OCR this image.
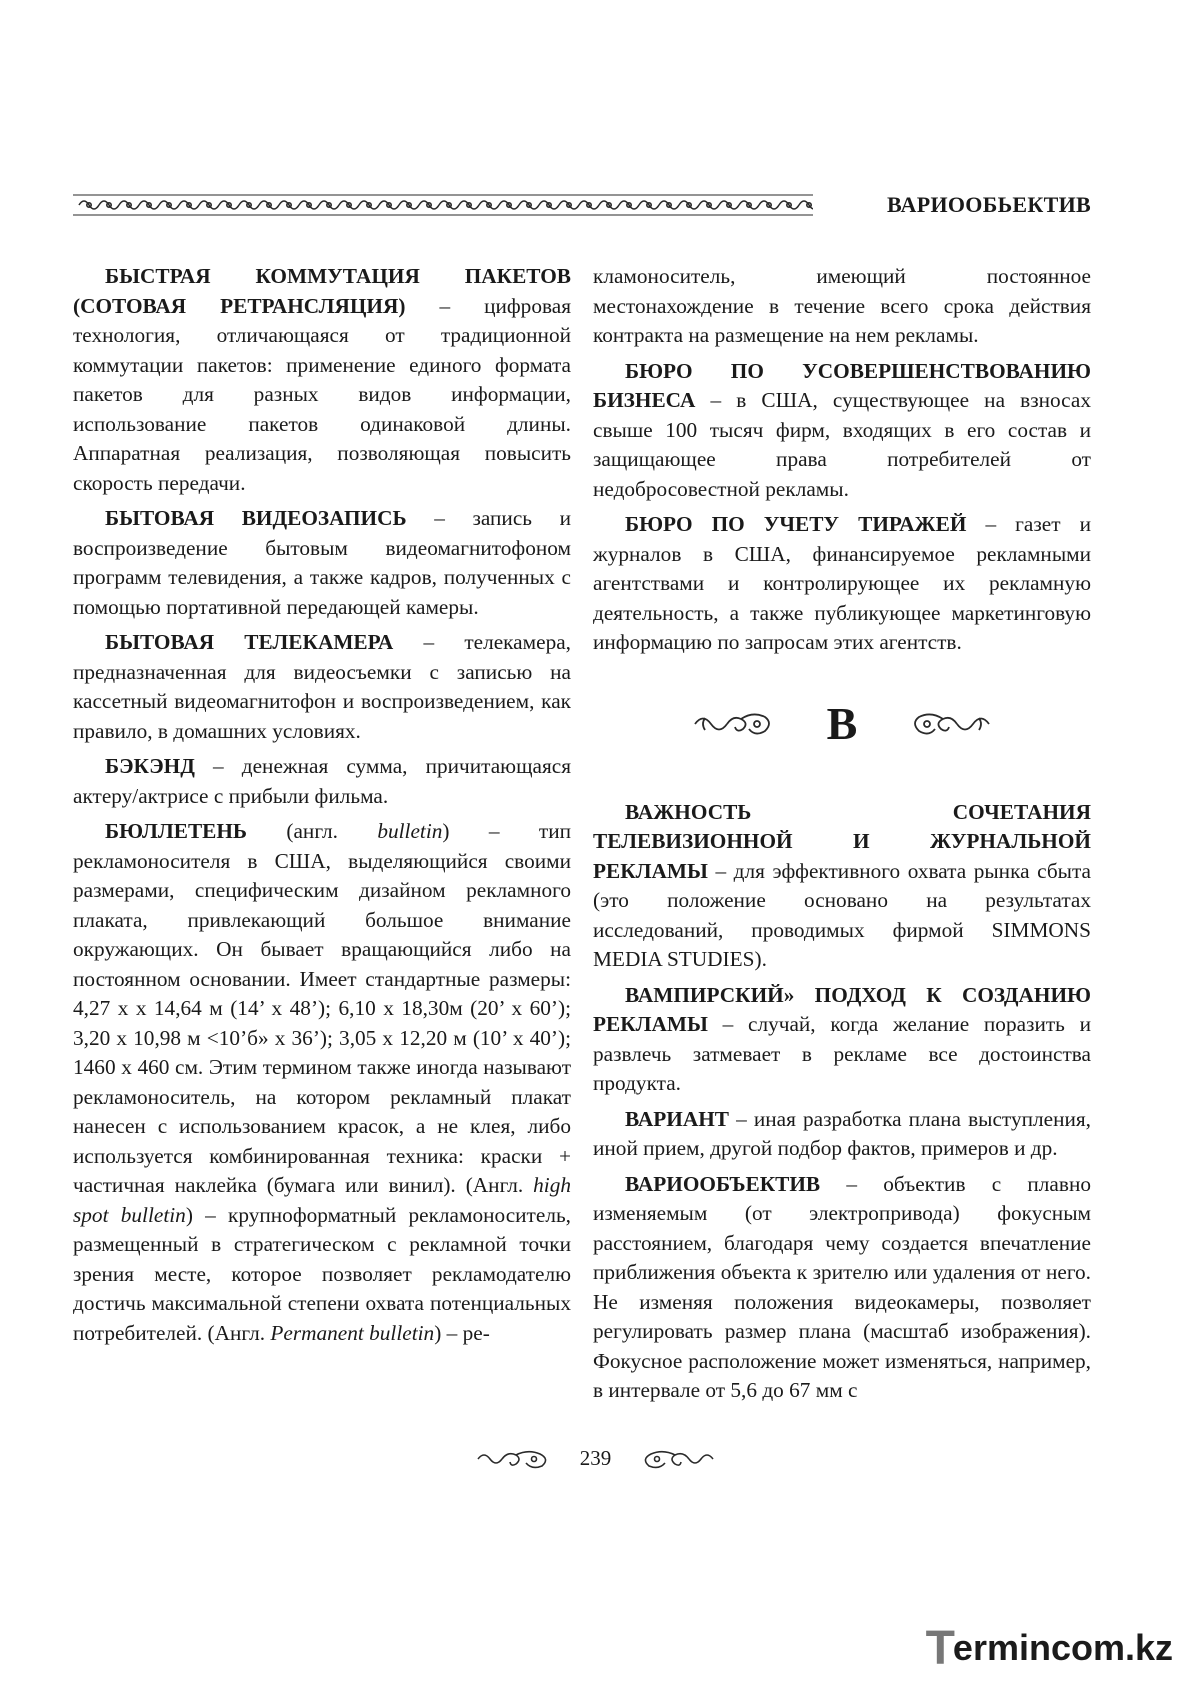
ВАРИООБЬЕКТИВ

БЫСТРАЯ КОММУТАЦИЯ ПАКЕТОВ (СОТОВАЯ РЕТРАНСЛЯЦИЯ) – цифровая технология, отличающаяся от традиционной коммутации пакетов: применение единого формата пакетов для разных видов информации, использование пакетов одинаковой длины. Аппаратная реализация, позволяющая повысить скорость передачи.

БЫТОВАЯ ВИДЕОЗАПИСЬ – запись и воспроизведение бытовым видеомагнитофоном программ телевидения, а также кадров, полученных с помощью портативной передающей камеры.

БЫТОВАЯ ТЕЛЕКАМЕРА – телекамера, предназначенная для видеосъемки с записью на кассетный видеомагнитофон и воспроизведением, как правило, в домашних условиях.

БЭКЭНД – денежная сумма, причитающаяся актеру/актрисе с прибыли фильма.

БЮЛЛЕТЕНЬ (англ. bulletin) – тип рекламоносителя в США, выделяющийся своими размерами, специфическим дизайном рекламного плаката, привлекающий большое внимание окружающих. Он бывает вращающийся либо на постоянном основании. Имеет стандартные размеры: 4,27 х х 14,64 м (14’ х 48’); 6,10 х 18,30м (20’ х 60’); 3,20 х 10,98 м <10’б» х 36’); 3,05 х 12,20 м (10’ х 40’); 1460 х 460 см. Этим термином также иногда называют рекламоноситель, на котором рекламный плакат нанесен с использованием красок, а не клея, либо используется комбинированная техника: краски + частичная наклейка (бумага или винил). (Англ. high spot bulletin) – крупноформатный рекламоноситель, размещенный в стратегическом с рекламной точки зрения месте, которое позволяет рекламодателю достичь максимальной степени охвата потенциальных потребителей. (Англ. Permanent bulletin) – ре-

кламоноситель, имеющий постоянное местонахождение в течение всего срока действия контракта на размещение на нем рекламы.

БЮРО ПО УСОВЕРШЕНСТВОВАНИЮ БИЗНЕСА – в США, существующее на взносах свыше 100 тысяч фирм, входящих в его состав и защищающее права потребителей от недобросовестной рекламы.

БЮРО ПО УЧЕТУ ТИРАЖЕЙ – газет и журналов в США, финансируемое рекламными агентствами и контролирующее их рекламную деятельность, а также публикующее маркетинговую информацию по запросам этих агентств.

В

ВАЖНОСТЬ СОЧЕТАНИЯ ТЕЛЕВИЗИОННОЙ И ЖУРНАЛЬНОЙ РЕКЛАМЫ – для эффективного охвата рынка сбыта (это положение основано на результатах исследований, проводимых фирмой SIMMONS MEDIA STUDIES).

ВАМПИРСКИЙ» ПОДХОД К СОЗДАНИЮ РЕКЛАМЫ – случай, когда желание поразить и развлечь затмевает в рекламе все достоинства продукта.

ВАРИАНТ – иная разработка плана выступления, иной прием, другой подбор фактов, примеров и др.

ВАРИООБЪЕКТИВ – объектив с плавно изменяемым (от электропривода) фокусным расстоянием, благодаря чему создается впечатление приближения объекта к зрителю или удаления от него. Не изменяя положения видеокамеры, позволяет регулировать размер плана (масштаб изображения). Фокусное расположение может изменяться, например, в интервале от 5,6 до 67 мм с

239
T
ermincom.kz
